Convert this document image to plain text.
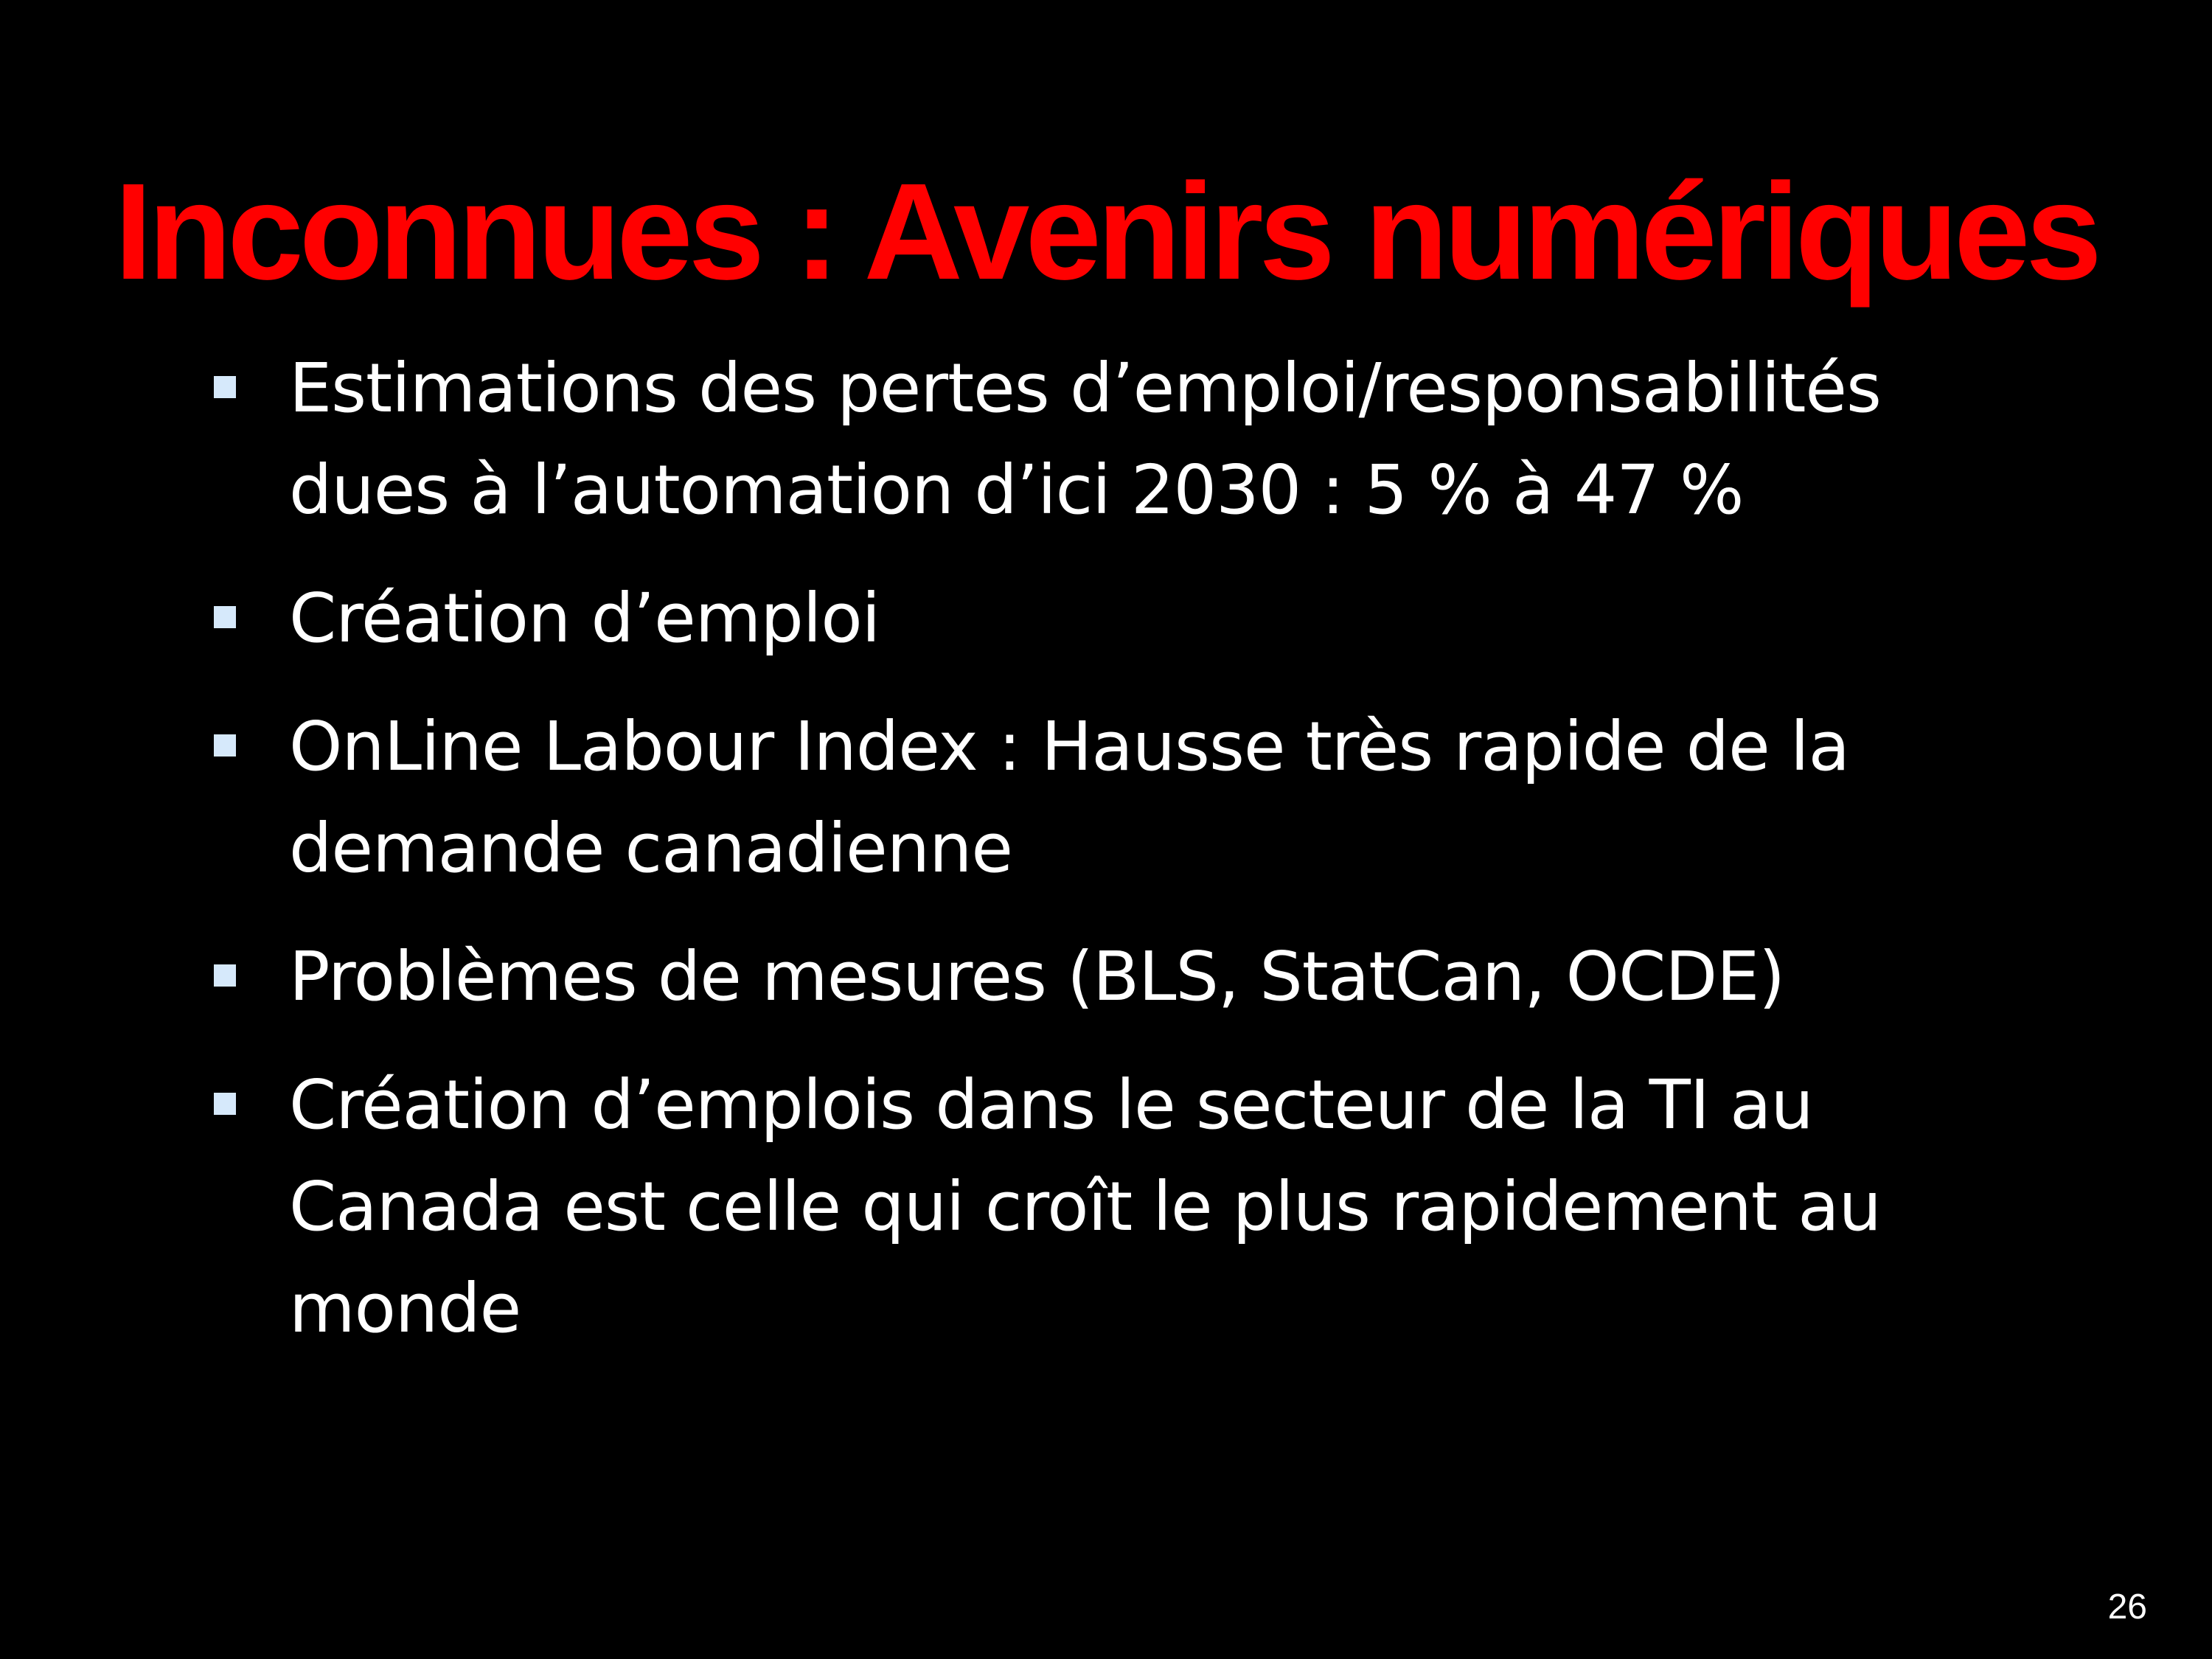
Inconnues : Avenirs numériques
Estimations des pertes d’emploi/responsabilités dues à l’automation d’ici 2030 : 5 % à 47 %
Création d’emploi
OnLine Labour Index : Hausse très rapide de la demande canadienne
Problèmes de mesures (BLS, StatCan, OCDE)
Création d’emplois dans le secteur de la TI au Canada est celle qui croît le plus rapidement au monde
26
